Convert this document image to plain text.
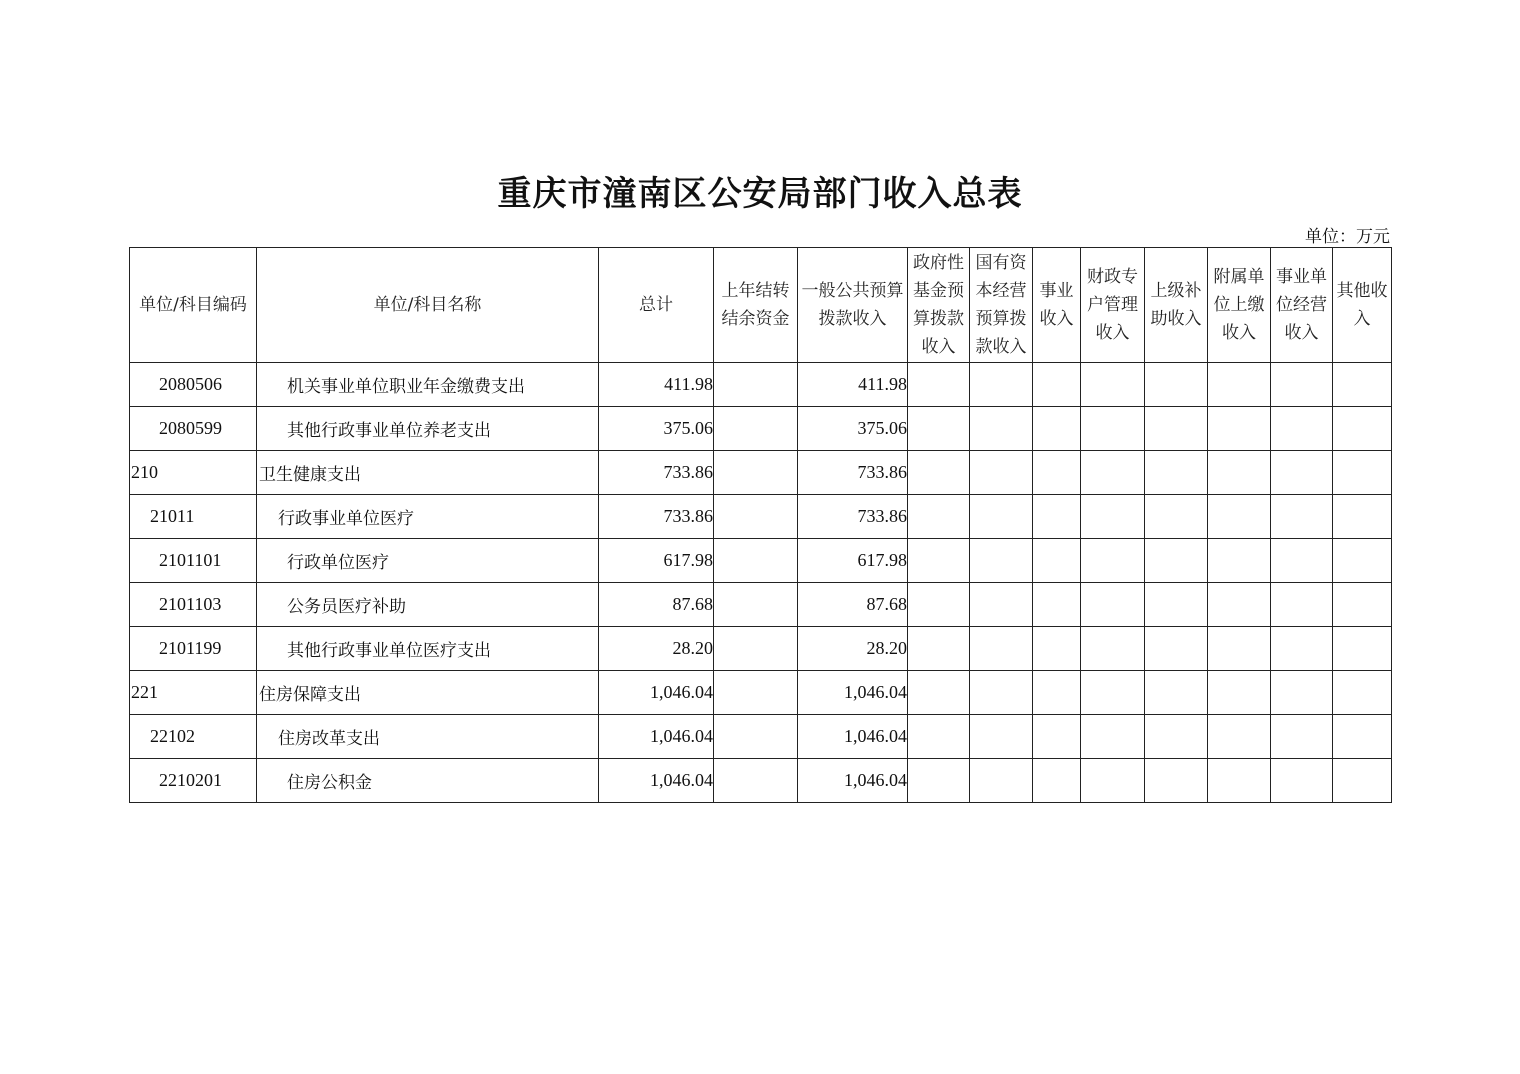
重庆市潼南区公安局部门收入总表
单位：万元
单位/科目编码	单位/科目名称	总计	上年结转结余资金	一般公共预算拨款收入	政府性基金预算拨款收入	国有资本经营预算拨款收入	事业收入	财政专户管理收入	上级补助收入	附属单位上缴收入	事业单位经营收入	其他收入
2080506	机关事业单位职业年金缴费支出	411.98		411.98								
2080599	其他行政事业单位养老支出	375.06		375.06								
210	卫生健康支出	733.86		733.86								
21011	行政事业单位医疗	733.86		733.86								
2101101	行政单位医疗	617.98		617.98								
2101103	公务员医疗补助	87.68		87.68								
2101199	其他行政事业单位医疗支出	28.20		28.20								
221	住房保障支出	1,046.04		1,046.04								
22102	住房改革支出	1,046.04		1,046.04								
2210201	住房公积金	1,046.04		1,046.04								
